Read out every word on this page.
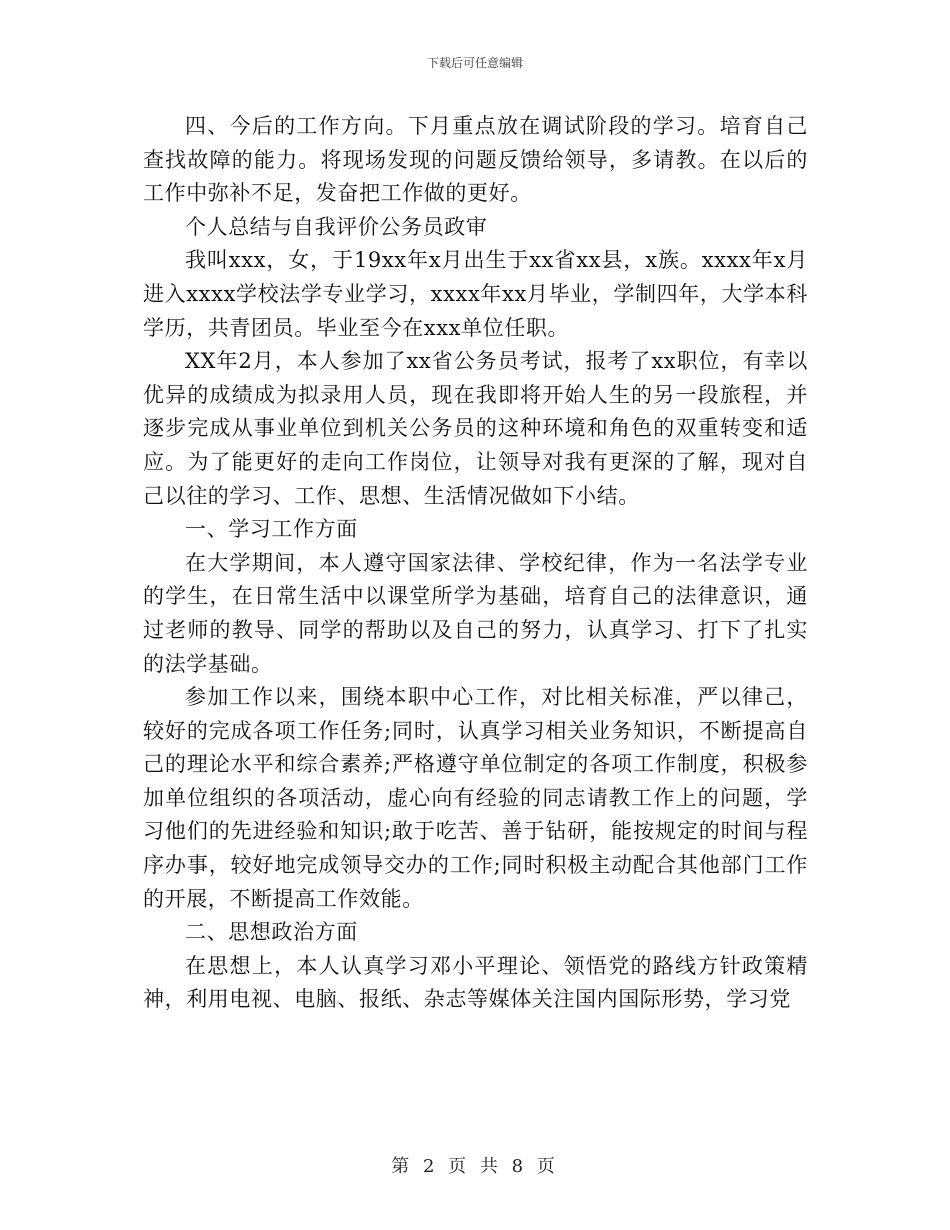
下载后可任意编辑

四、今后的工作方向。下月重点放在调试阶段的学习。培育自己查找故障的能力。将现场发现的问题反馈给领导，多请教。在以后的工作中弥补不足，发奋把工作做的更好。

个人总结与自我评价公务员政审

我叫xxx，女，于19xx年x月出生于xx省xx县，x族。xxxx年x月进入xxxx学校法学专业学习，xxxx年xx月毕业，学制四年，大学本科学历，共青团员。毕业至今在xxx单位任职。

XX年2月，本人参加了xx省公务员考试，报考了xx职位，有幸以优异的成绩成为拟录用人员，现在我即将开始人生的另一段旅程，并逐步完成从事业单位到机关公务员的这种环境和角色的双重转变和适应。为了能更好的走向工作岗位，让领导对我有更深的了解，现对自己以往的学习、工作、思想、生活情况做如下小结。

一、学习工作方面

在大学期间，本人遵守国家法律、学校纪律，作为一名法学专业的学生，在日常生活中以课堂所学为基础，培育自己的法律意识，通过老师的教导、同学的帮助以及自己的努力，认真学习、打下了扎实的法学基础。

参加工作以来，围绕本职中心工作，对比相关标准，严以律己，较好的完成各项工作任务;同时，认真学习相关业务知识，不断提高自己的理论水平和综合素养;严格遵守单位制定的各项工作制度，积极参加单位组织的各项活动，虚心向有经验的同志请教工作上的问题，学习他们的先进经验和知识;敢于吃苦、善于钻研，能按规定的时间与程序办事，较好地完成领导交办的工作;同时积极主动配合其他部门工作的开展，不断提高工作效能。

二、思想政治方面

在思想上，本人认真学习邓小平理论、领悟党的路线方针政策精神，利用电视、电脑、报纸、杂志等媒体关注国内国际形势，学习党

第 2 页 共 8 页
